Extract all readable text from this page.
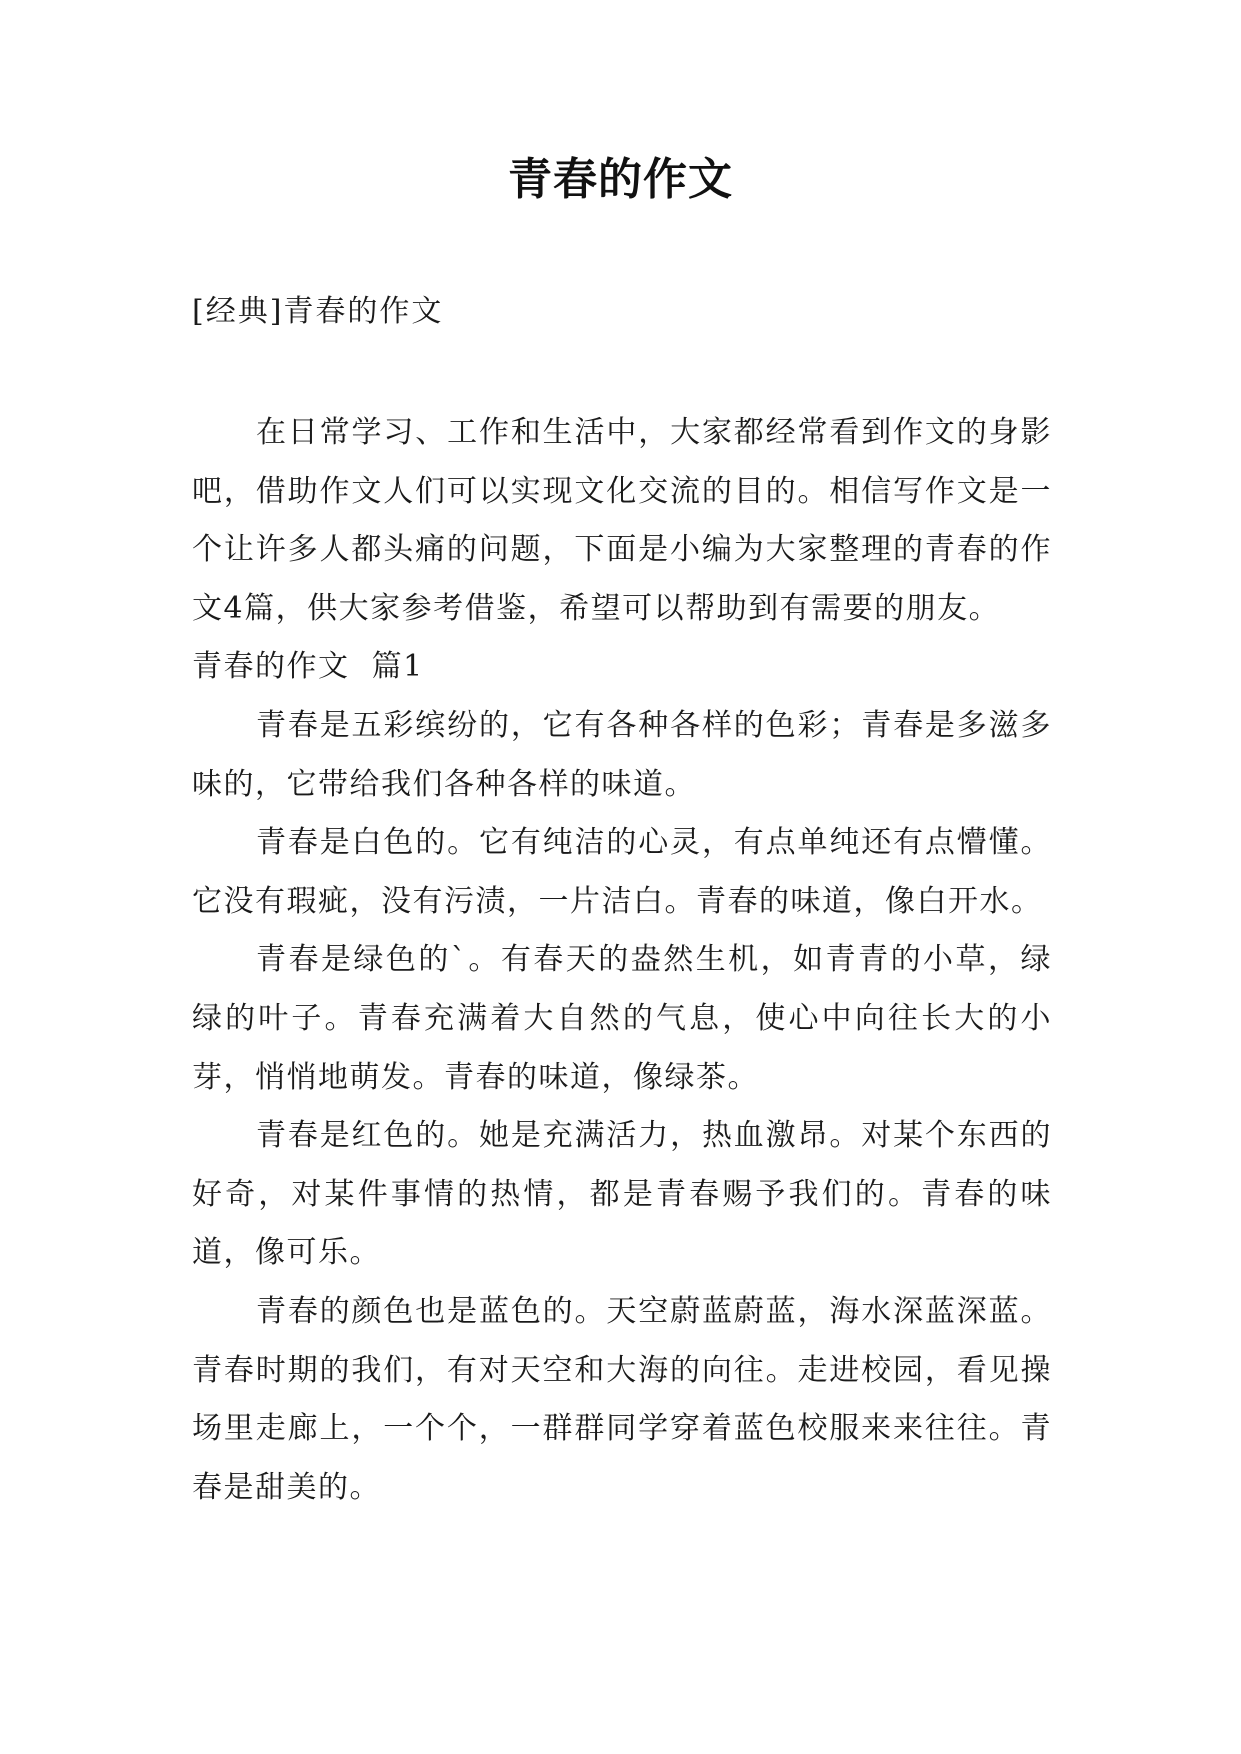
青春的作文
[经典]青春的作文

在日常学习、工作和生活中，大家都经常看到作文的身影吧，借助作文人们可以实现文化交流的目的。相信写作文是一个让许多人都头痛的问题，下面是小编为大家整理的青春的作文4篇，供大家参考借鉴，希望可以帮助到有需要的朋友。

青春的作文  篇1

青春是五彩缤纷的，它有各种各样的色彩；青春是多滋多味的，它带给我们各种各样的味道。

青春是白色的。它有纯洁的心灵，有点单纯还有点懵懂。它没有瑕疵，没有污渍，一片洁白。青春的味道，像白开水。

青春是绿色的`。有春天的盎然生机，如青青的小草，绿绿的叶子。青春充满着大自然的气息，使心中向往长大的小芽，悄悄地萌发。青春的味道，像绿茶。

青春是红色的。她是充满活力，热血激昂。对某个东西的好奇，对某件事情的热情，都是青春赐予我们的。青春的味道，像可乐。

青春的颜色也是蓝色的。天空蔚蓝蔚蓝，海水深蓝深蓝。青春时期的我们，有对天空和大海的向往。走进校园，看见操场里走廊上，一个个，一群群同学穿着蓝色校服来来往往。青春是甜美的。
